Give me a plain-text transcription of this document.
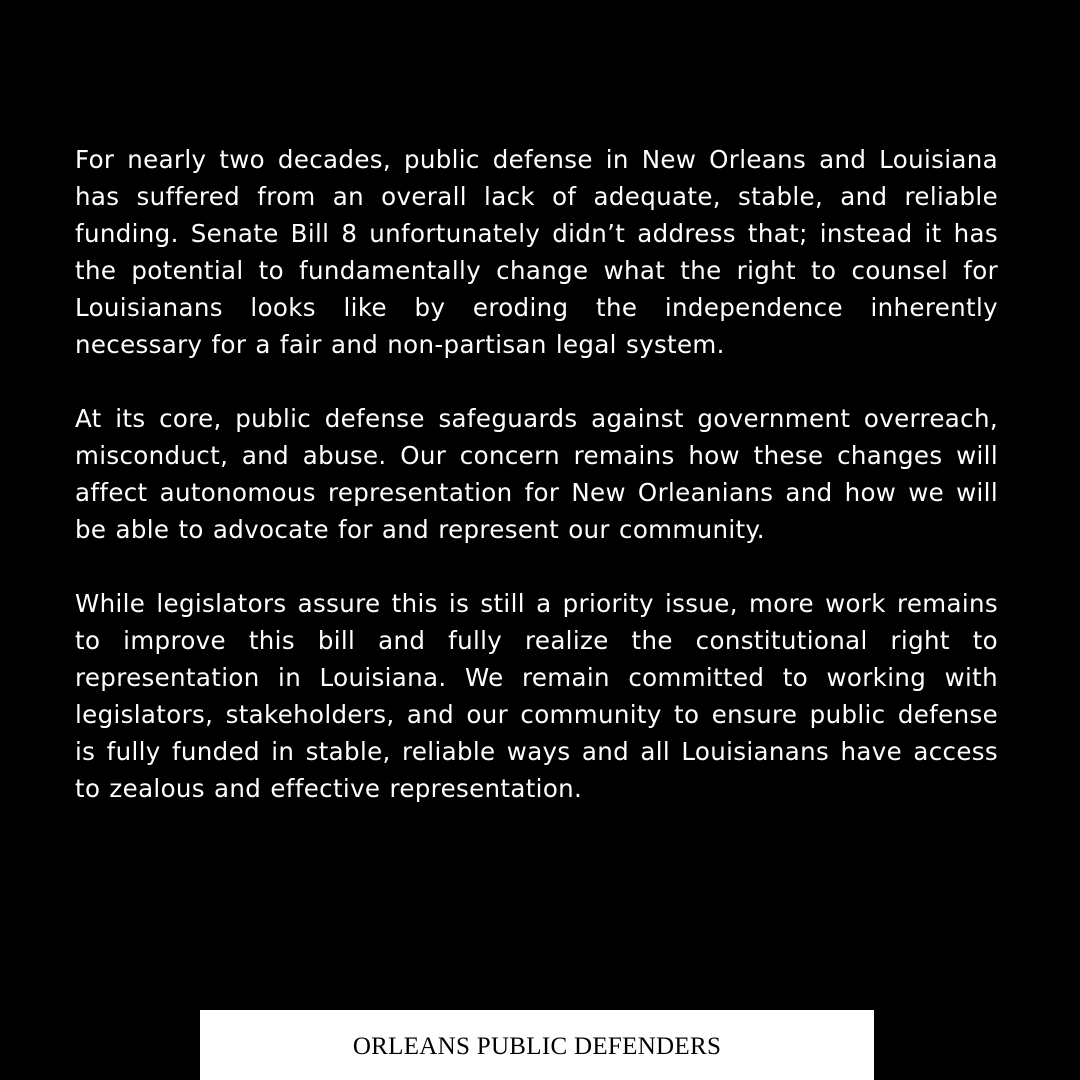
For nearly two decades, public defense in New Orleans and Louisiana has suffered from an overall lack of adequate, stable, and reliable funding. Senate Bill 8 unfortunately didn’t address that; instead it has the potential to fundamentally change what the right to counsel for Louisianans looks like by eroding the independence inherently necessary for a fair and non-partisan legal system.

At its core, public defense safeguards against government overreach, misconduct, and abuse. Our concern remains how these changes will affect autonomous representation for New Orleanians and how we will be able to advocate for and represent our community.

While legislators assure this is still a priority issue, more work remains to improve this bill and fully realize the constitutional right to representation in Louisiana. We remain committed to working with legislators, stakeholders, and our community to ensure public defense is fully funded in stable, reliable ways and all Louisianans have access to zealous and effective representation.

ORLEANS PUBLIC DEFENDERS
